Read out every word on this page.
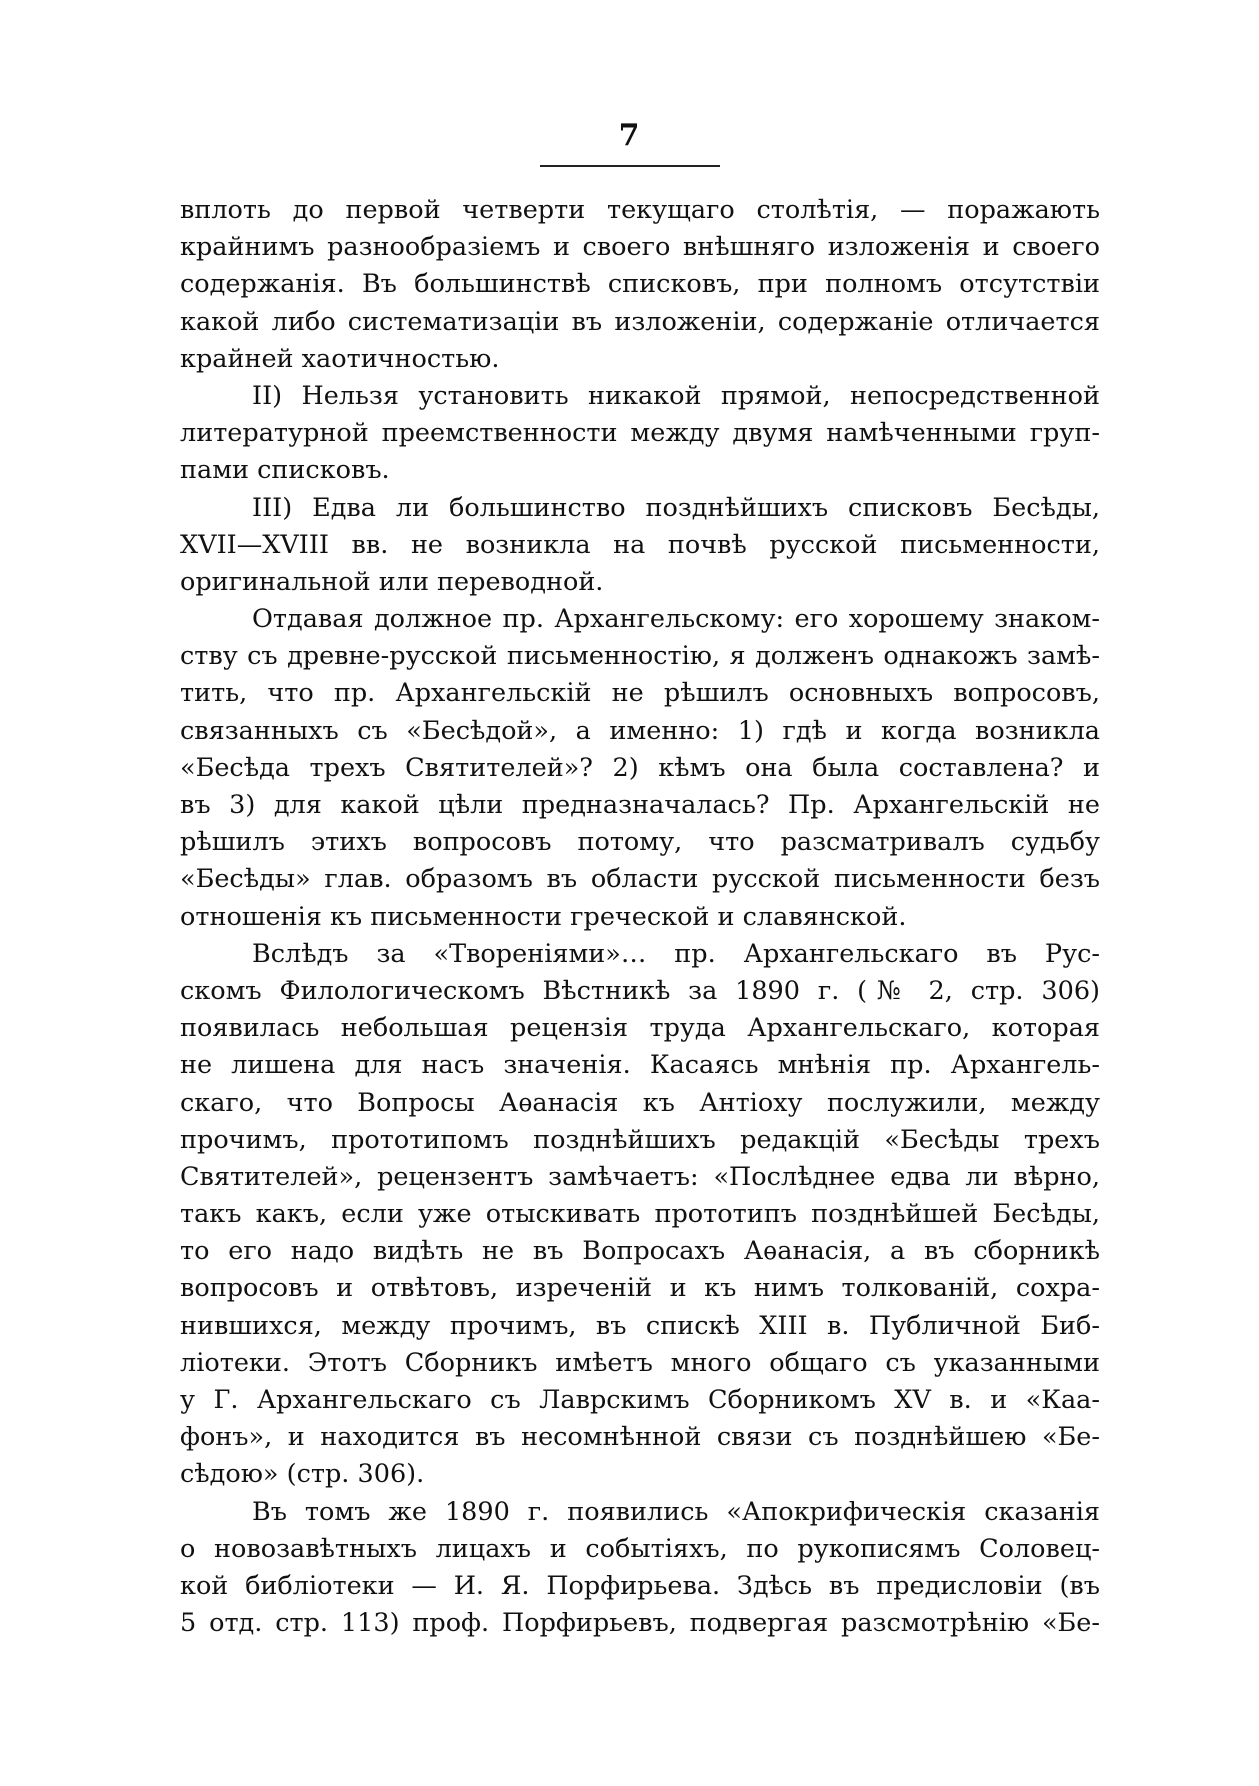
7
вплоть до первой четверти текущаго столѣтія, — поражають
крайнимъ разнообразіемъ и своего внѣшняго изложенія и своего
содержанія. Въ большинствѣ списковъ, при полномъ отсутствіи
какой либо систематизаціи въ изложеніи, содержаніе отличается
крайней хаотичностью.
II) Нельзя установить никакой прямой, непосредственной
литературной преемственности между двумя намѣченными груп-
пами списковъ.
III) Едва ли большинство позднѣйшихъ списковъ Бесѣды,
XVII—XVIII вв. не возникла на почвѣ русской письменности,
оригинальной или переводной.
Отдавая должное пр. Архангельскому: его хорошему знаком-
ству съ древне-русской письменностію, я долженъ однакожъ замѣ-
тить, что пр. Архангельскій не рѣшилъ основныхъ вопросовъ,
связанныхъ съ «Бесѣдой», а именно: 1) гдѣ и когда возникла
«Бесѣда трехъ Святителей»? 2) кѣмъ она была составлена? и
въ 3) для какой цѣли предназначалась? Пр. Архангельскій не
рѣшилъ этихъ вопросовъ потому, что разсматривалъ судьбу
«Бесѣды» глав. образомъ въ области русской письменности безъ
отношенія къ письменности греческой и славянской.
Вслѣдъ за «Твореніями»… пр. Архангельскаго въ Рус-
скомъ Филологическомъ Вѣстникѣ за 1890 г. (№ 2, стр. 306)
появилась небольшая рецензія труда Архангельскаго, которая
не лишена для насъ значенія. Касаясь мнѣнія пр. Архангель-
скаго, что Вопросы Аѳанасія къ Антіоху послужили, между
прочимъ, прототипомъ позднѣйшихъ редакцій «Бесѣды трехъ
Святителей», рецензентъ замѣчаетъ: «Послѣднее едва ли вѣрно,
такъ какъ, если уже отыскивать прототипъ позднѣйшей Бесѣды,
то его надо видѣть не въ Вопросахъ Аѳанасія, а въ сборникѣ
вопросовъ и отвѣтовъ, изреченій и къ нимъ толкованій, сохра-
нившихся, между прочимъ, въ спискѣ XIII в. Публичной Биб-
ліотеки. Этотъ Сборникъ имѣетъ много общаго съ указанными
у Г. Архангельскаго съ Лаврскимъ Сборникомъ XV в. и «Каа-
фонъ», и находится въ несомнѣнной связи съ позднѣйшею «Бе-
сѣдою» (стр. 306).
Въ томъ же 1890 г. появились «Апокрифическія сказанія
о новозавѣтныхъ лицахъ и событіяхъ, по рукописямъ Соловец-
кой библіотеки — И. Я. Порфирьева. Здѣсь въ предисловіи (въ
5 отд. стр. 113) проф. Порфирьевъ, подвергая разсмотрѣнію «Бе-
